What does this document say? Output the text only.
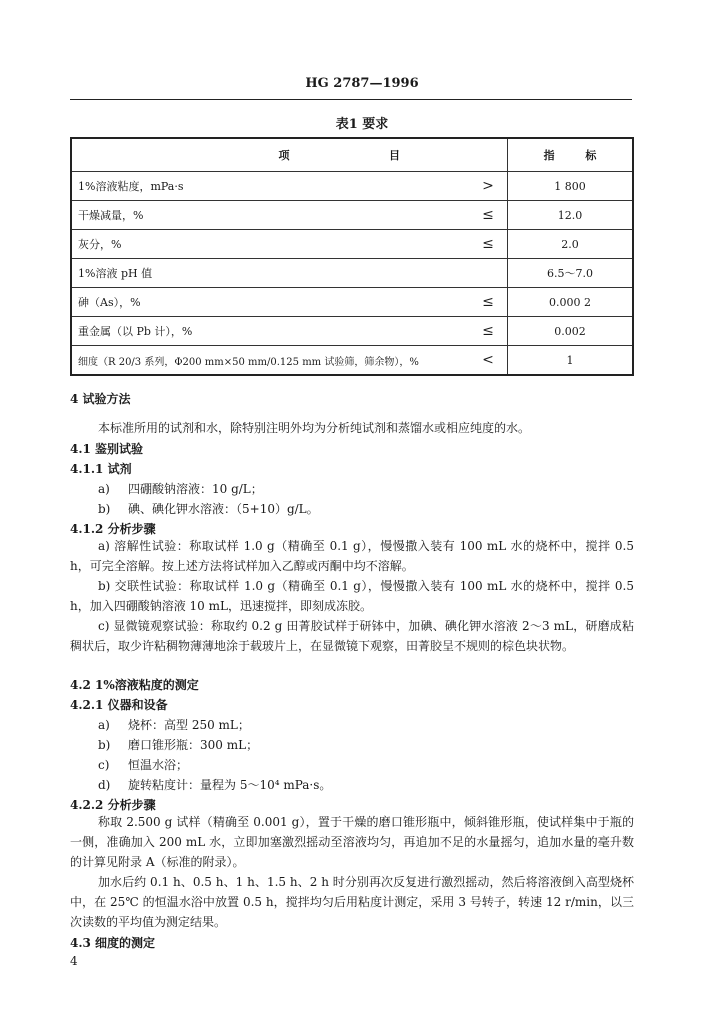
HG 2787—1996
表1 要求
项 目		指 标
1%溶液粘度，mPa·s	>	1 800
干燥减量，%	≤	12.0
灰分，%	≤	2.0
1%溶液 pH 值		6.5～7.0
砷（As），%	≤	0.000 2
重金属（以 Pb 计），%	≤	0.002
细度（R 20/3 系列，Φ200 mm×50 mm/0.125 mm 试验筛，筛余物），%	<	1
4 试验方法
本标准所用的试剂和水，除特别注明外均为分析纯试剂和蒸馏水或相应纯度的水。
4.1 鉴别试验
4.1.1 试剂
a) 四硼酸钠溶液：10 g/L；
b) 碘、碘化钾水溶液：（5+10）g/L。
4.1.2 分析步骤
a) 溶解性试验：称取试样 1.0 g（精确至 0.1 g），慢慢撒入装有 100 mL 水的烧杯中，搅拌 0.5 h，可完全溶解。按上述方法将试样加入乙醇或丙酮中均不溶解。
b) 交联性试验：称取试样 1.0 g（精确至 0.1 g），慢慢撒入装有 100 mL 水的烧杯中，搅拌 0.5 h，加入四硼酸钠溶液 10 mL，迅速搅拌，即刻成冻胶。
c) 显微镜观察试验：称取约 0.2 g 田菁胶试样于研钵中，加碘、碘化钾水溶液 2～3 mL，研磨成粘稠状后，取少许粘稠物薄薄地涂于载玻片上，在显微镜下观察，田菁胶呈不规则的棕色块状物。
4.2 1%溶液粘度的测定
4.2.1 仪器和设备
a) 烧杯：高型 250 mL；
b) 磨口锥形瓶：300 mL；
c) 恒温水浴；
d) 旋转粘度计：量程为 5～10⁴ mPa·s。
4.2.2 分析步骤
称取 2.500 g 试样（精确至 0.001 g），置于干燥的磨口锥形瓶中，倾斜锥形瓶，使试样集中于瓶的一侧，准确加入 200 mL 水，立即加塞激烈摇动至溶液均匀，再追加不足的水量摇匀，追加水量的毫升数的计算见附录 A（标准的附录）。
加水后约 0.1 h、0.5 h、1 h、1.5 h、2 h 时分别再次反复进行激烈摇动，然后将溶液倒入高型烧杯中，在 25℃ 的恒温水浴中放置 0.5 h，搅拌均匀后用粘度计测定，采用 3 号转子，转速 12 r/min，以三次读数的平均值为测定结果。
4.3 细度的测定
4
